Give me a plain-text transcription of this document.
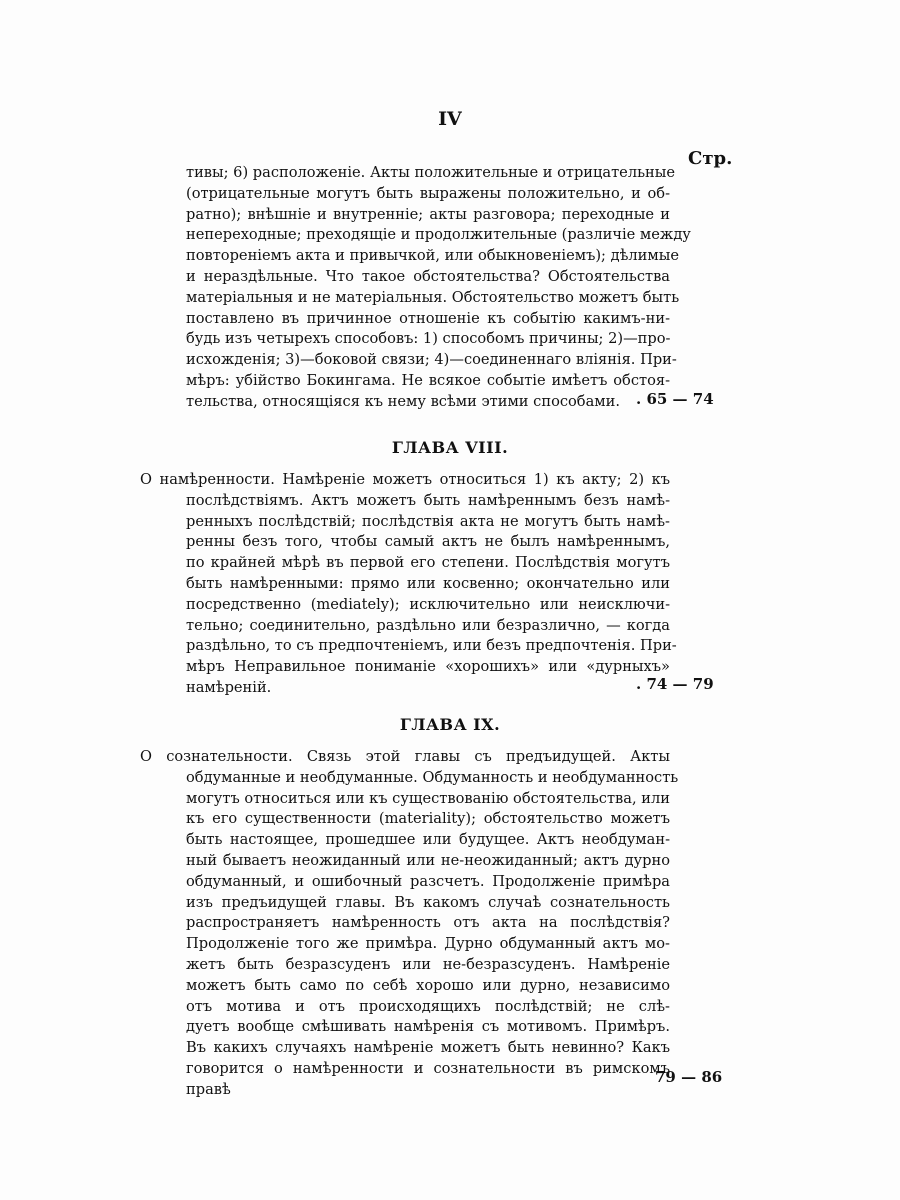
IV
Стр.
тивы; 6) расположеніе. Акты положительные и отрицательные
(отрицательные могутъ быть выражены положительно, и об-
ратно); внѣшніе и внутренніе; акты разговора; переходные и
непереходные; преходящіе и продолжительные (различіе между
повтореніемъ акта и привычкой, или обыкновеніемъ); дѣлимые
и нераздѣльные. Что такое обстоятельства? Обстоятельства
матеріальныя и не матеріальныя. Обстоятельство можетъ быть
поставлено въ причинное отношеніе къ событію какимъ-ни-
будь изъ четырехъ способовъ: 1) способомъ причины; 2)—про-
исхожденія; 3)—боковой связи; 4)—соединеннаго вліянія. При-
мѣръ: убійство Бокингама. Не всякое событіе имѣетъ обстоя-
тельства, относящіяся къ нему всѣми этими способами.	. 65 — 74
ГЛАВА VIII.
О намѣренности. Намѣреніе можетъ относиться 1) къ акту; 2) къ
послѣдствіямъ. Актъ можетъ быть намѣреннымъ безъ намѣ-
ренныхъ послѣдствій; послѣдствія акта не могутъ быть намѣ-
ренны безъ того, чтобы самый актъ не былъ намѣреннымъ,
по крайней мѣрѣ въ первой его степени. Послѣдствія могутъ
быть намѣренными: прямо или косвенно; окончательно или
посредственно (mediately); исключительно или неисключи-
тельно; соединительно, раздѣльно или безразлично, — когда
раздѣльно, то съ предпочтеніемъ, или безъ предпочтенія. При-
мѣръ Неправильное пониманіе «хорошихъ» или «дурныхъ»
намѣреній.	. 74 — 79
ГЛАВА IX.
О сознательности. Связь этой главы съ предъидущей. Акты
обдуманные и необдуманные. Обдуманность и необдуманность
могутъ относиться или къ существованію обстоятельства, или
къ его существенности (materiality); обстоятельство можетъ
быть настоящее, прошедшее или будущее. Актъ необдуман-
ный бываетъ неожиданный или не-неожиданный; актъ дурно
обдуманный, и ошибочный разсчетъ. Продолженіе примѣра
изъ предъидущей главы. Въ какомъ случаѣ сознательность
распространяетъ намѣренность отъ акта на послѣдствія?
Продолженіе того же примѣра. Дурно обдуманный актъ мо-
жетъ быть безразсуденъ или не-безразсуденъ. Намѣреніе
можетъ быть само по себѣ хорошо или дурно, независимо
отъ мотива и отъ происходящихъ послѣдствій; не слѣ-
дуетъ вообще смѣшивать намѣренія съ мотивомъ. Примѣръ.
Въ какихъ случаяхъ намѣреніе можетъ быть невинно? Какъ
говорится о намѣренности и сознательности въ римскомъ
правѣ
79 — 86
